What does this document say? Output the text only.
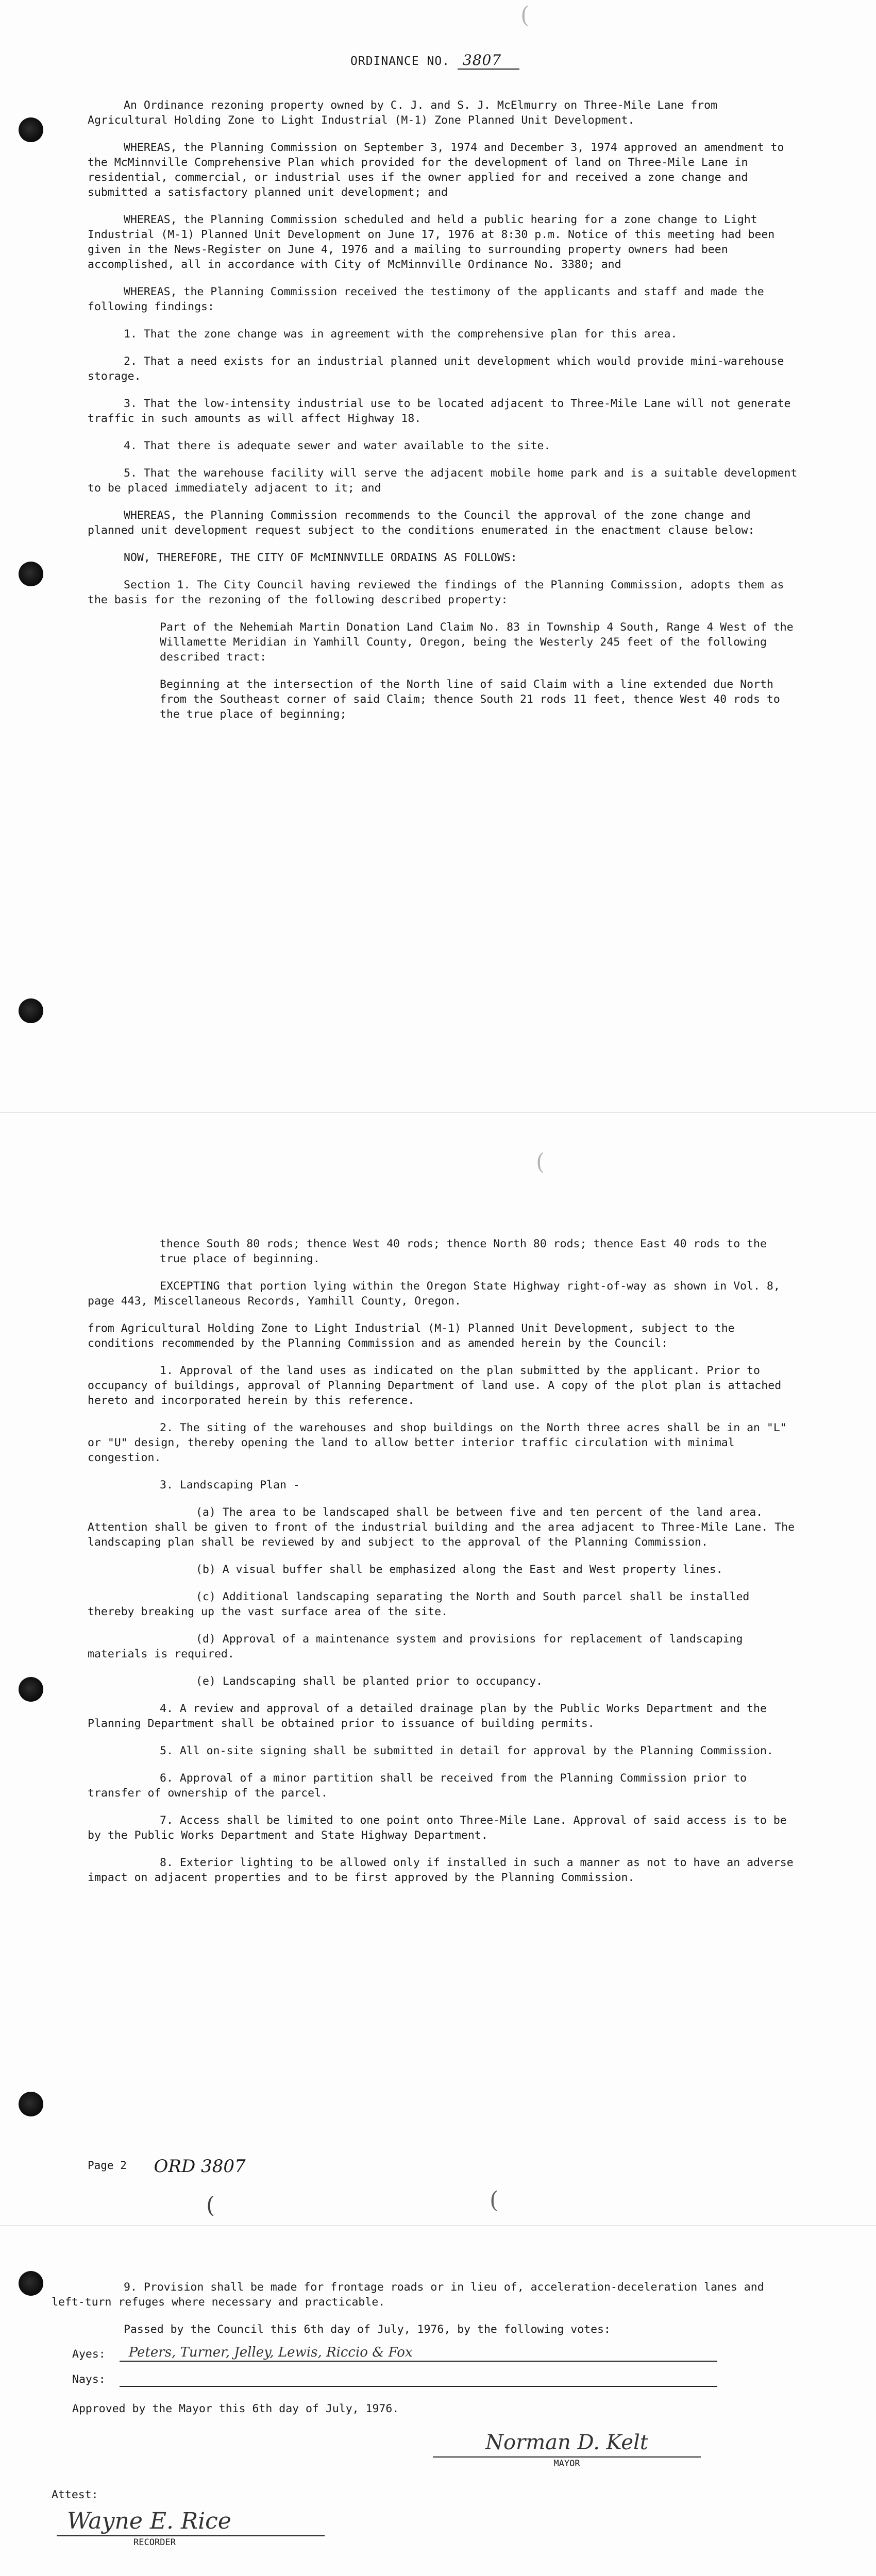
(
ORDINANCE NO. 3807

An Ordinance rezoning property owned by C. J. and S. J. McElmurry on Three-Mile Lane from Agricultural Holding Zone to Light Industrial (M-1) Zone Planned Unit Development.

WHEREAS, the Planning Commission on September 3, 1974 and December 3, 1974 approved an amendment to the McMinnville Comprehensive Plan which provided for the development of land on Three-Mile Lane in residential, commercial, or industrial uses if the owner applied for and received a zone change and submitted a satisfactory planned unit development; and

WHEREAS, the Planning Commission scheduled and held a public hearing for a zone change to Light Industrial (M-1) Planned Unit Development on June 17, 1976 at 8:30 p.m. Notice of this meeting had been given in the News-Register on June 4, 1976 and a mailing to surrounding property owners had been accomplished, all in accordance with City of McMinnville Ordinance No. 3380; and

WHEREAS, the Planning Commission received the testimony of the applicants and staff and made the following findings:

1. That the zone change was in agreement with the comprehensive plan for this area.

2. That a need exists for an industrial planned unit development which would provide mini-warehouse storage.

3. That the low-intensity industrial use to be located adjacent to Three-Mile Lane will not generate traffic in such amounts as will affect Highway 18.

4. That there is adequate sewer and water available to the site.

5. That the warehouse facility will serve the adjacent mobile home park and is a suitable development to be placed immediately adjacent to it; and

WHEREAS, the Planning Commission recommends to the Council the approval of the zone change and planned unit development request subject to the conditions enumerated in the enactment clause below:

NOW, THEREFORE, THE CITY OF McMINNVILLE ORDAINS AS FOLLOWS:

Section 1. The City Council having reviewed the findings of the Planning Commission, adopts them as the basis for the rezoning of the following described property:

Part of the Nehemiah Martin Donation Land Claim No. 83 in Township 4 South, Range 4 West of the Willamette Meridian in Yamhill County, Oregon, being the Westerly 245 feet of the following described tract:

Beginning at the intersection of the North line of said Claim with a line extended due North from the Southeast corner of said Claim; thence South 21 rods 11 feet, thence West 40 rods to the true place of beginning;

(

thence South 80 rods; thence West 40 rods; thence North 80 rods; thence East 40 rods to the true place of beginning.

EXCEPTING that portion lying within the Oregon State Highway right-of-way as shown in Vol. 8, page 443, Miscellaneous Records, Yamhill County, Oregon.

from Agricultural Holding Zone to Light Industrial (M-1) Planned Unit Development, subject to the conditions recommended by the Planning Commission and as amended herein by the Council:

1. Approval of the land uses as indicated on the plan submitted by the applicant. Prior to occupancy of buildings, approval of Planning Department of land use. A copy of the plot plan is attached hereto and incorporated herein by this reference.

2. The siting of the warehouses and shop buildings on the North three acres shall be in an "L" or "U" design, thereby opening the land to allow better interior traffic circulation with minimal congestion.

3. Landscaping Plan -

(a) The area to be landscaped shall be between five and ten percent of the land area. Attention shall be given to front of the industrial building and the area adjacent to Three-Mile Lane. The landscaping plan shall be reviewed by and subject to the approval of the Planning Commission.

(b) A visual buffer shall be emphasized along the East and West property lines.

(c) Additional landscaping separating the North and South parcel shall be installed thereby breaking up the vast surface area of the site.

(d) Approval of a maintenance system and provisions for replacement of landscaping materials is required.

(e) Landscaping shall be planted prior to occupancy.

4. A review and approval of a detailed drainage plan by the Public Works Department and the Planning Department shall be obtained prior to issuance of building permits.

5. All on-site signing shall be submitted in detail for approval by the Planning Commission.

6. Approval of a minor partition shall be received from the Planning Commission prior to transfer of ownership of the parcel.

7. Access shall be limited to one point onto Three-Mile Lane. Approval of said access is to be by the Public Works Department and State Highway Department.

8. Exterior lighting to be allowed only if installed in such a manner as not to have an adverse impact on adjacent properties and to be first approved by the Planning Commission.

Page 2 ORD 3807
(	(

9. Provision shall be made for frontage roads or in lieu of, acceleration-deceleration lanes and left-turn refuges where necessary and practicable.

Passed by the Council this 6th day of July, 1976, by the following votes:

Ayes: Peters, Turner, Jelley, Lewis, Riccio & Fox
Nays:
Approved by the Mayor this 6th day of July, 1976.
Norman D. Kelt
MAYOR
Attest:
Wayne E. Rice
RECORDER
